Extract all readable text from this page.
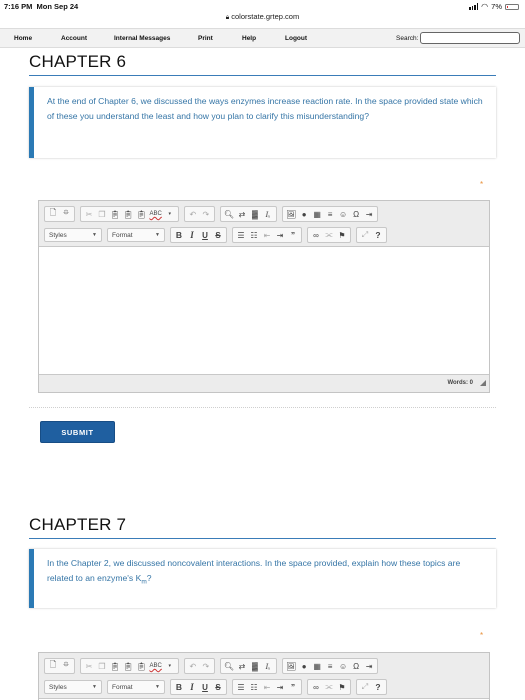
7:16 PM Mon Sep 24	◠ 7%
🔒︎ colorstate.grtep.com
Home	Account	Internal Messages	Print	Help	Logout	Search:
CHAPTER 6

At the end of Chapter 6, we discussed the ways enzymes increase reaction rate. In the space provided state which of these you understand the least and how you plan to clarify this misunderstanding?

*
🗋︎ ⯐	✂︎ ❐ 📋︎ 📋︎ 📋︎ ABC	▾	↶ ↷	🔍︎ ⇄ ▓ Iₓ	🖼︎ ● ▦ ≡ ☺ Ω ⇥
Styles	▼ Format	▼	B I	U S	☰ ☷ ⇤ ⇥ ”	∞ ⫘ ⚑	⤢ ?
Words: 0
SUBMIT
CHAPTER 7

In the Chapter 2, we discussed noncovalent interactions. In the space provided, explain how these topics are related to an enzyme's $K_m$?

*
🗋︎ ⯐	✂︎ ❐ 📋︎ 📋︎ 📋︎ ABC	▾	↶ ↷	🔍︎ ⇄ ▓ Iₓ	🖼︎ ● ▦ ≡ ☺ Ω ⇥
Styles	▼ Format	▼	B I	U S	☰ ☷ ⇤ ⇥ ”	∞ ⫘ ⚑	⤢ ?
